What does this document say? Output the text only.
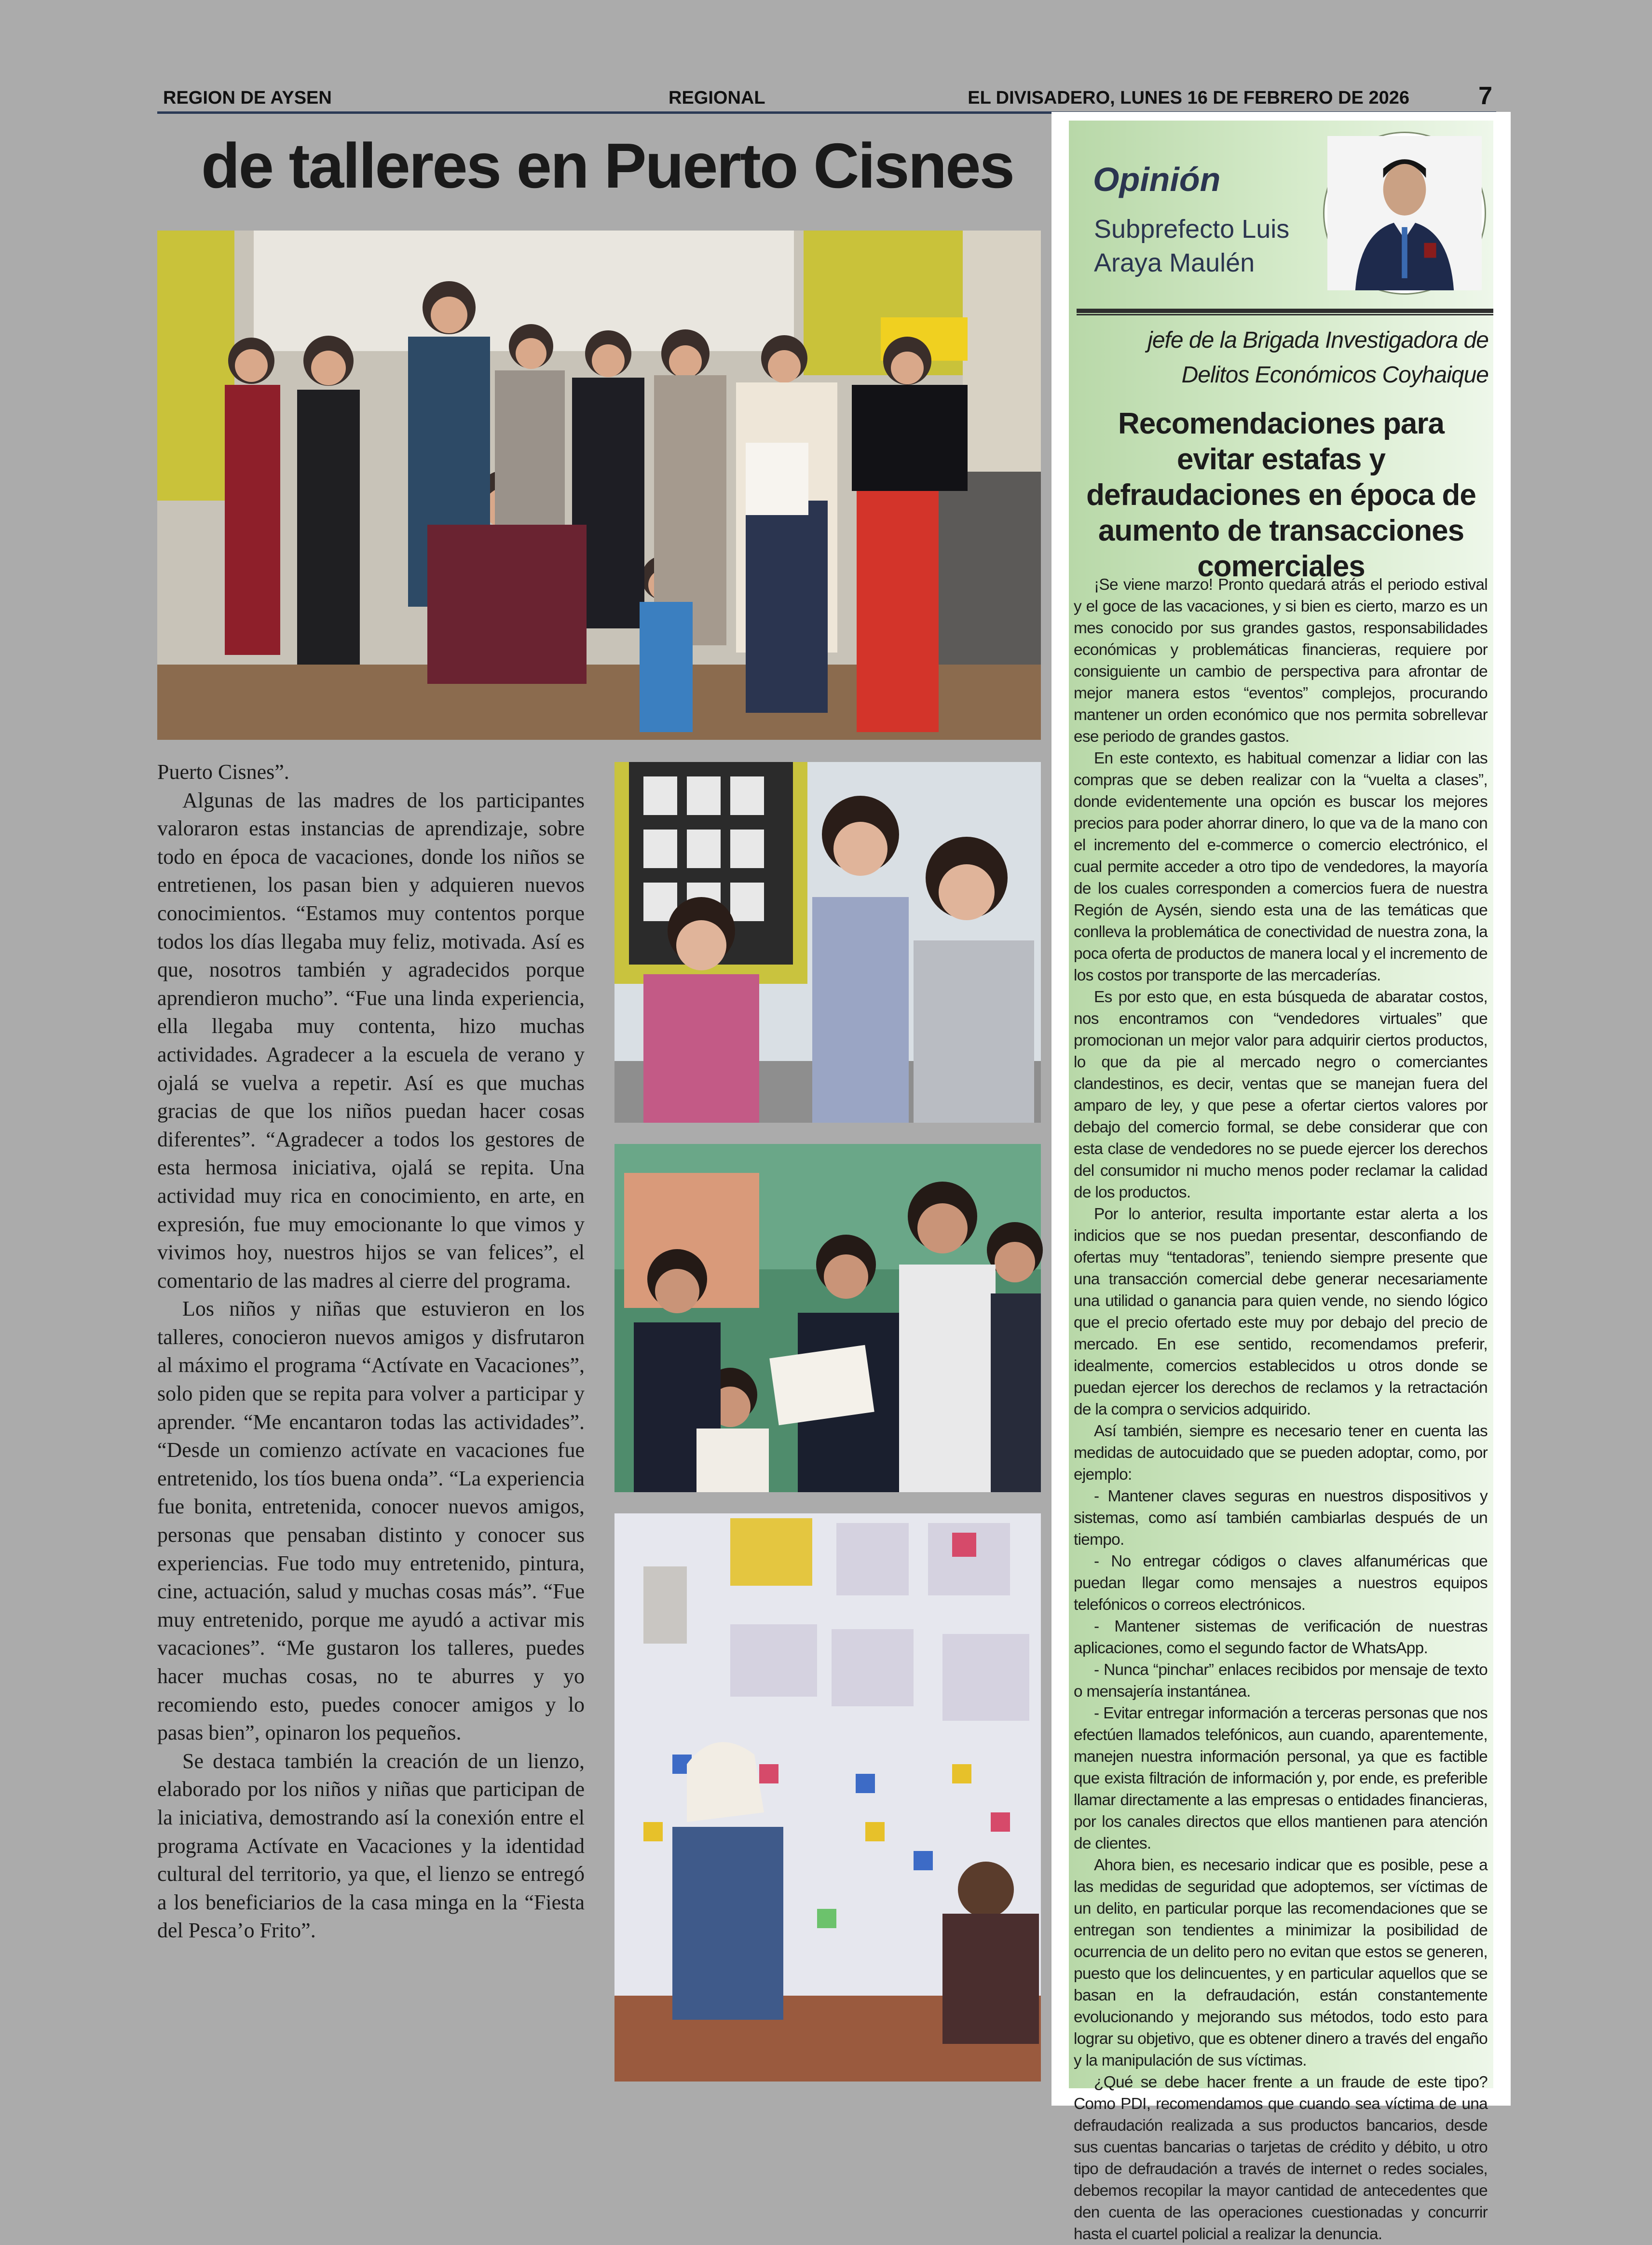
REGION DE AYSEN	REGIONAL	EL DIVISADERO, LUNES 16 DE FEBRERO DE 2026	7
de talleres en Puerto Cisnes

Puerto Cisnes”.

Algunas de las madres de los participantes valoraron estas instancias de aprendizaje, sobre todo en época de vacaciones, donde los niños se entretienen, los pasan bien y adquieren nuevos conocimientos. “Estamos muy contentos porque todos los días llegaba muy feliz, motivada. Así es que, nosotros también y agradecidos porque aprendieron mucho”. “Fue una linda experiencia, ella llegaba muy contenta, hizo muchas actividades. Agradecer a la escuela de verano y ojalá se vuelva a repetir. Así es que muchas gracias de que los niños puedan hacer cosas diferentes”. “Agradecer a todos los gestores de esta hermosa iniciativa, ojalá se repita. Una actividad muy rica en conocimiento, en arte, en expresión, fue muy emocionante lo que vimos y vivimos hoy, nuestros hijos se van felices”, el comentario de las madres al cierre del programa.

Los niños y niñas que estuvieron en los talleres, conocieron nuevos amigos y disfrutaron al máximo el programa “Actívate en Vacaciones”, solo piden que se repita para volver a participar y aprender. “Me encantaron todas las actividades”. “Desde un comienzo actívate en vacaciones fue entretenido, los tíos buena onda”. “La experiencia fue bonita, entretenida, conocer nuevos amigos, personas que pensaban distinto y conocer sus experiencias. Fue todo muy entretenido, pintura, cine, actuación, salud y muchas cosas más”. “Fue muy entretenido, porque me ayudó a activar mis vacaciones”. “Me gustaron los talleres, puedes hacer muchas cosas, no te aburres y yo recomiendo esto, puedes conocer amigos y lo pasas bien”, opinaron los pequeños.

Se destaca también la creación de un lienzo, elaborado por los niños y niñas que participan de la iniciativa, demostrando así la conexión entre el programa Actívate en Vacaciones y la identidad cultural del territorio, ya que, el lienzo se entregó a los beneficiarios de la casa minga en la “Fiesta del Pesca’o Frito”.

Opinión
Subprefecto Luis Araya Maulén
jefe de la Brigada Investigadora de Delitos Económicos Coyhaique
Recomendaciones para evitar estafas y defraudaciones en época de aumento de transacciones comerciales

¡Se viene marzo! Pronto quedará atrás el periodo estival y el goce de las vacaciones, y si bien es cierto, marzo es un mes conocido por sus grandes gastos, responsabilidades económicas y problemáticas financieras, requiere por consiguiente un cambio de perspectiva para afrontar de mejor manera estos “eventos” complejos, procurando mantener un orden económico que nos permita sobrellevar ese periodo de grandes gastos.

En este contexto, es habitual comenzar a lidiar con las compras que se deben realizar con la “vuelta a clases”, donde evidentemente una opción es buscar los mejores precios para poder ahorrar dinero, lo que va de la mano con el incremento del e-commerce o comercio electrónico, el cual permite acceder a otro tipo de vendedores, la mayoría de los cuales corresponden a comercios fuera de nuestra Región de Aysén, siendo esta una de las temáticas que conlleva la problemática de conectividad de nuestra zona, la poca oferta de productos de manera local y el incremento de los costos por transporte de las mercaderías.

Es por esto que, en esta búsqueda de abaratar costos, nos encontramos con “vendedores virtuales” que promocionan un mejor valor para adquirir ciertos productos, lo que da pie al mercado negro o comerciantes clandestinos, es decir, ventas que se manejan fuera del amparo de ley, y que pese a ofertar ciertos valores por debajo del comercio formal, se debe considerar que con esta clase de vendedores no se puede ejercer los derechos del consumidor ni mucho menos poder reclamar la calidad de los productos.

Por lo anterior, resulta importante estar alerta a los indicios que se nos puedan presentar, desconfiando de ofertas muy “tentadoras”, teniendo siempre presente que una transacción comercial debe generar necesariamente una utilidad o ganancia para quien vende, no siendo lógico que el precio ofertado este muy por debajo del precio de mercado. En ese sentido, recomendamos preferir, idealmente, comercios establecidos u otros donde se puedan ejercer los derechos de reclamos y la retractación de la compra o servicios adquirido.

Así también, siempre es necesario tener en cuenta las medidas de autocuidado que se pueden adoptar, como, por ejemplo:

- Mantener claves seguras en nuestros dispositivos y sistemas, como así también cambiarlas después de un tiempo.

- No entregar códigos o claves alfanuméricas que puedan llegar como mensajes a nuestros equipos telefónicos o correos electrónicos.

- Mantener sistemas de verificación de nuestras aplicaciones, como el segundo factor de WhatsApp.

- Nunca “pinchar” enlaces recibidos por mensaje de texto o mensajería instantánea.

- Evitar entregar información a terceras personas que nos efectúen llamados telefónicos, aun cuando, aparentemente, manejen nuestra información personal, ya que es factible que exista filtración de información y, por ende, es preferible llamar directamente a las empresas o entidades financieras, por los canales directos que ellos mantienen para atención de clientes.

Ahora bien, es necesario indicar que es posible, pese a las medidas de seguridad que adoptemos, ser víctimas de un delito, en particular porque las recomendaciones que se entregan son tendientes a minimizar la posibilidad de ocurrencia de un delito pero no evitan que estos se generen, puesto que los delincuentes, y en particular aquellos que se basan en la defraudación, están constantemente evolucionando y mejorando sus métodos, todo esto para lograr su objetivo, que es obtener dinero a través del engaño y la manipulación de sus víctimas.

¿Qué se debe hacer frente a un fraude de este tipo? Como PDI, recomendamos que cuando sea víctima de una defraudación realizada a sus productos bancarios, desde sus cuentas bancarias o tarjetas de crédito y débito, u otro tipo de defraudación a través de internet o redes sociales, debemos recopilar la mayor cantidad de antecedentes que den cuenta de las operaciones cuestionadas y concurrir hasta el cuartel policial a realizar la denuncia.
